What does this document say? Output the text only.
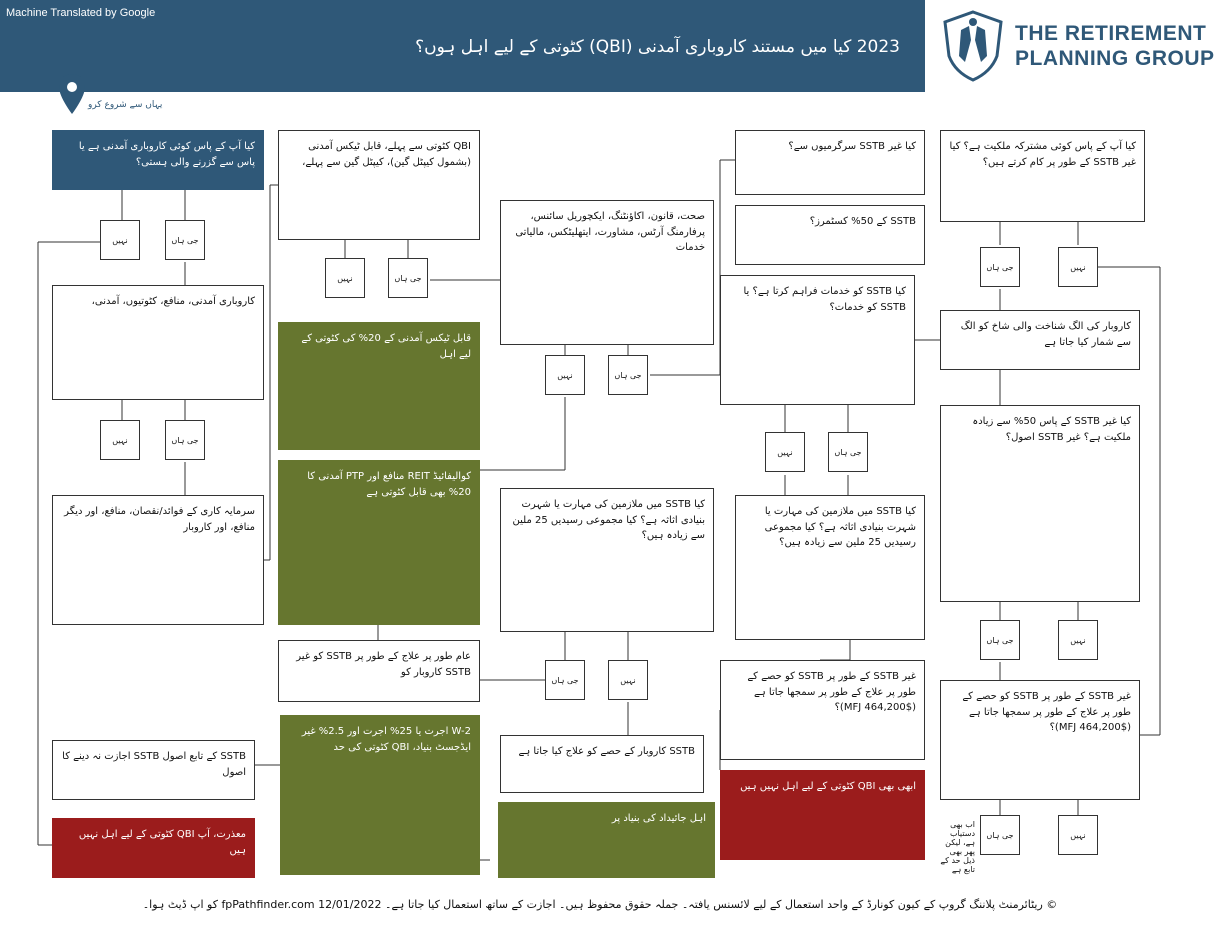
Machine Translated by Google
2023 کیا میں مستند کاروباری آمدنی (QBI) کٹوتی کے لیے اہل ہوں؟
THE RETIREMENT
PLANNING GROUP
یہاں سے شروع کرو
کیا آپ کے پاس کوئی کاروباری آمدنی ہے یا پاس سے گزرنے والی ہستی؟
نہیں	جی ہاں
کاروباری آمدنی، منافع، کٹوتیوں، آمدنی،
نہیں	جی ہاں
سرمایہ کاری کے فوائد/نقصان، منافع، اور دیگر منافع، اور کاروبار
SSTB کے تابع اصول SSTB اجازت نہ دینے کا اصول
معذرت، آپ QBI کٹوتی کے لیے اہل نہیں ہیں
QBI کٹوتی سے پہلے، قابل ٹیکس آمدنی (بشمول کیپٹل گین)، کیپٹل گین سے پہلے،
نہیں	جی ہاں
قابل ٹیکس آمدنی کے 20% کی کٹوتی کے لیے اہل
کوالیفائیڈ REIT منافع اور PTP آمدنی کا 20% بھی قابل کٹوتی ہے
عام طور پر علاج کے طور پر SSTB کو غیر SSTB کاروبار کو
W-2 اجرت یا 25% اجرت اور 2.5% غیر ایڈجسٹ بنیاد، QBI کٹوتی کی حد
صحت، قانون، اکاؤنٹنگ، ایکچوریل سائنس، پرفارمنگ آرٹس، مشاورت، ایتھلیٹکس، مالیاتی خدمات
نہیں	جی ہاں
کیا SSTB میں ملازمین کی مہارت یا شہرت بنیادی اثاثہ ہے؟ کیا مجموعی رسیدیں 25 ملین سے زیادہ ہیں؟
جی ہاں	نہیں
SSTB کاروبار کے حصے کو علاج کیا جاتا ہے
اہل جائیداد کی بنیاد پر
کیا غیر SSTB سرگرمیوں سے؟
SSTB کے 50% کسٹمرز؟
کیا SSTB کو خدمات فراہم کرتا ہے؟ یا SSTB کو خدمات؟
نہیں	جی ہاں
کیا SSTB میں ملازمین کی مہارت یا شہرت بنیادی اثاثہ ہے؟ کیا مجموعی رسیدیں 25 ملین سے زیادہ ہیں؟
غیر SSTB کے طور پر SSTB کو حصے کے طور پر علاج کے طور پر سمجھا جاتا ہے ($464,200 MFJ)؟
ابھی بھی QBI کٹوتی کے لیے اہل نہیں ہیں
کیا آپ کے پاس کوئی مشترکہ ملکیت ہے؟ کیا غیر SSTB کے طور پر کام کرتے ہیں؟
جی ہاں	نہیں
کاروبار کی الگ شناخت والی شاخ کو الگ سے شمار کیا جاتا ہے
کیا غیر SSTB کے پاس 50% سے زیادہ ملکیت ہے؟ غیر SSTB اصول؟
جی ہاں	نہیں
غیر SSTB کے طور پر SSTB کو حصے کے طور پر علاج کے طور پر سمجھا جاتا ہے ($464,200 MFJ)؟
جی ہاں	نہیں
اب بھی دستیاب ہے، لیکن پھر بھی ذیل حد کے تابع ہے
© ریٹائرمنٹ پلاننگ گروپ کے کیون کونارڈ کے واحد استعمال کے لیے لائسنس یافتہ۔ جملہ حقوق محفوظ ہیں۔ اجازت کے ساتھ استعمال کیا جاتا ہے۔ fpPathfinder.com 12/01/2022 کو اپ ڈیٹ ہوا۔
